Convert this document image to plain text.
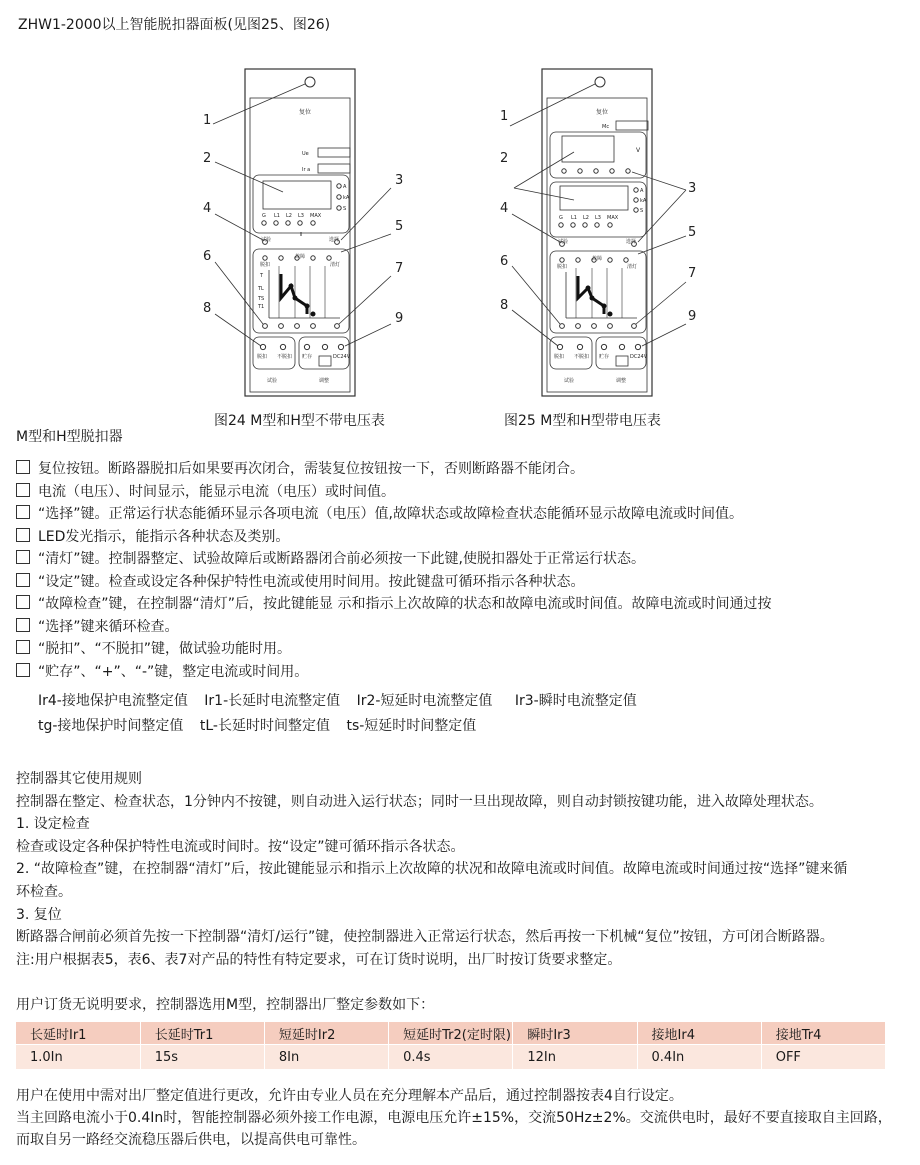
ZHW1-2000以上智能脱扣器面板(见图25、图26)
复位
Ue
Ir a
A
kA
S
G L1 L2 L3 MAX
试验	选择
脱扣
故障
清灯
T
TL
TS
T1
脱扣 不脱扣 贮存	DC24V
试验	调整
1
2
3
4
5
6
7
8
9
图24 M型和H型不带电压表
复位
Mc
V
A
kA
S
G L1 L2 L3 MAX
试验	选择
脱扣
故障
清灯
脱扣 不脱扣 贮存	DC24V
试验	调整
1
2
3
4
5
6
7
8
9
图25 M型和H型带电压表
M型和H型脱扣器
复位按钮。断路器脱扣后如果要再次闭合，需装复位按钮按一下，否则断路器不能闭合。
电流（电压）、时间显示，能显示电流（电压）或时间值。
“选择”键。正常运行状态能循环显示各项电流（电压）值,故障状态或故障检查状态能循环显示故障电流或时间值。
LED发光指示，能指示各种状态及类别。
“清灯”键。控制器整定、试验故障后或断路器闭合前必须按一下此键,使脱扣器处于正常运行状态。
“设定”键。检查或设定各种保护特性电流或使用时间用。按此键盘可循环指示各种状态。
“故障检查”键，在控制器“清灯”后，按此键能显 示和指示上次故障的状态和故障电流或时间值。故障电流或时间通过按
“选择”键来循环检查。
“脱扣”、“不脱扣”键，做试验功能时用。
“贮存”、“+”、“-”键，整定电流或时间用。
Ir4-接地保护电流整定值 Ir1-长延时电流整定值 Ir2-短延时电流整定值 Ir3-瞬时电流整定值
tg-接地保护时间整定值 tL-长延时时间整定值 ts-短延时时间整定值
控制器其它使用规则
控制器在整定、检查状态，1分钟内不按键，则自动进入运行状态；同时一旦出现故障，则自动封锁按键功能，进入故障处理状态。
1. 设定检查
检查或设定各种保护特性电流或时间时。按“设定”键可循环指示各状态。
2. “故障检查”键，在控制器“清灯”后，按此键能显示和指示上次故障的状况和故障电流或时间值。故障电流或时间通过按“选择”键来循
环检查。
3. 复位
断路器合闸前必须首先按一下控制器“清灯/运行”键，使控制器进入正常运行状态，然后再按一下机械“复位”按钮，方可闭合断路器。
注:用户根据表5，表6、表7对产品的特性有特定要求，可在订货时说明，出厂时按订货要求整定。
用户订货无说明要求，控制器选用M型，控制器出厂整定参数如下：
长延时Ir1	长延时Tr1	短延时Ir2	短延时Tr2(定时限)	瞬时Ir3	接地Ir4	接地Tr4
1.0In	15s	8In	0.4s	12In	0.4In	OFF
用户在使用中需对出厂整定值进行更改，允许由专业人员在充分理解本产品后，通过控制器按表4自行设定。
当主回路电流小于0.4In时，智能控制器必须外接工作电源，电源电压允许±15%，交流50Hz±2%。交流供电时，最好不要直接取自主回路，
而取自另一路经交流稳压器后供电，以提高供电可靠性。
